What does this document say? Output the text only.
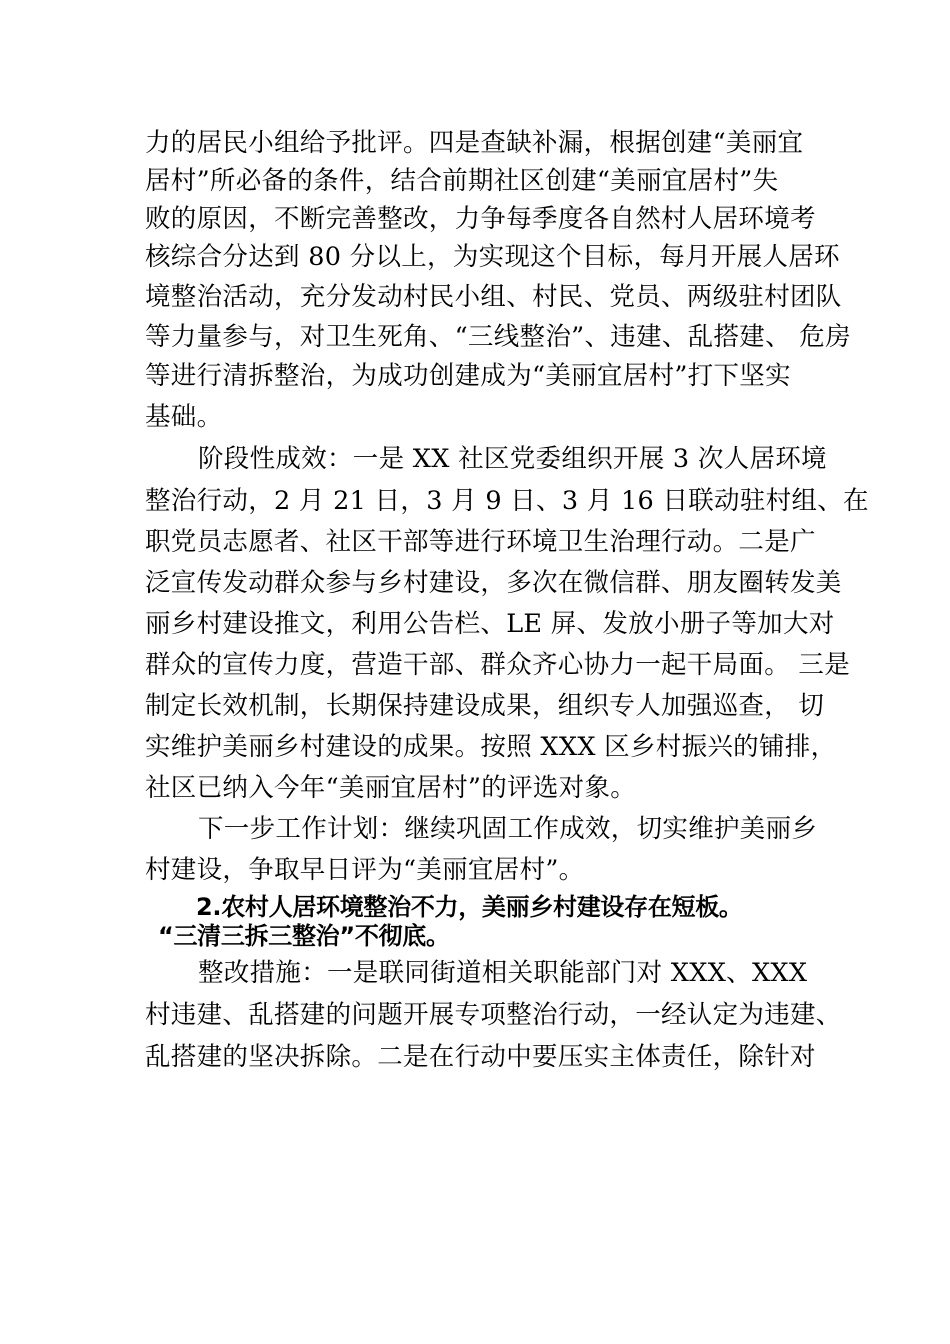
力的居民小组给予批评。四是查缺补漏，根据创建“美丽宜
居村”所必备的条件，结合前期社区创建“美丽宜居村”失
败的原因，不断完善整改，力争每季度各自然村人居环境考
核综合分达到 80 分以上，为实现这个目标，每月开展人居环
境整治活动，充分发动村民小组、村民、党员、两级驻村团队
等力量参与，对卫生死角、“三线整治”、违建、乱搭建、 危房
等进行清拆整治，为成功创建成为“美丽宜居村”打下坚实
基础。
阶段性成效：一是 XX 社区党委组织开展 3 次人居环境
整治行动，2 月 21 日，3 月 9 日、3 月 16 日联动驻村组、在
职党员志愿者、社区干部等进行环境卫生治理行动。二是广
泛宣传发动群众参与乡村建设，多次在微信群、朋友圈转发美
丽乡村建设推文，利用公告栏、LE 屏、发放小册子等加大对
群众的宣传力度，营造干部、群众齐心协力一起干局面。 三是
制定长效机制，长期保持建设成果，组织专人加强巡查， 切
实维护美丽乡村建设的成果。按照 XXX 区乡村振兴的铺排，
社区已纳入今年“美丽宜居村”的评选对象。
下一步工作计划：继续巩固工作成效，切实维护美丽乡
村建设，争取早日评为“美丽宜居村”。
2.农村人居环境整治不力，美丽乡村建设存在短板。
“三清三拆三整治”不彻底。
整改措施：一是联同街道相关职能部门对 XXX、XXX
村违建、乱搭建的问题开展专项整治行动，一经认定为违建、
乱搭建的坚决拆除。二是在行动中要压实主体责任，除针对
